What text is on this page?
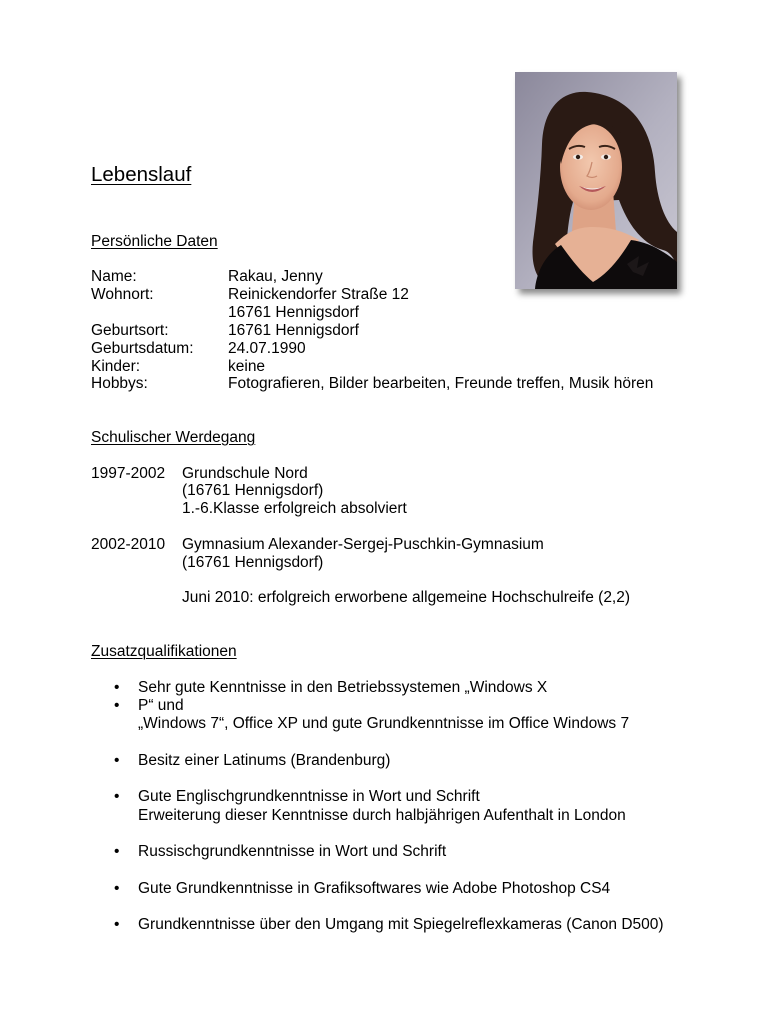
Lebenslauf
Persönliche Daten
Name:	Rakau, Jenny
Wohnort:	Reinickendorfer Straße 12
16761 Hennigsdorf
Geburtsort:	16761 Hennigsdorf
Geburtsdatum: 24.07.1990
Kinder:	keine
Hobbys:	Fotografieren, Bilder bearbeiten, Freunde treffen, Musik hören
Schulischer Werdegang
1997-2002 Grundschule Nord
(16761 Hennigsdorf)
1.-6.Klasse erfolgreich absolviert
2002-2010 Gymnasium Alexander-Sergej-Puschkin-Gymnasium
(16761 Hennigsdorf)
Juni 2010: erfolgreich erworbene allgemeine Hochschulreife (2,2)
Zusatzqualifikationen
• Sehr gute Kenntnisse in den Betriebssystemen „Windows X
• P“ und
„Windows 7“, Office XP und gute Grundkenntnisse im Office Windows 7
• Besitz einer Latinums (Brandenburg)
• Gute Englischgrundkenntnisse in Wort und Schrift
Erweiterung dieser Kenntnisse durch halbjährigen Aufenthalt in London
• Russischgrundkenntnisse in Wort und Schrift
• Gute Grundkenntnisse in Grafiksoftwares wie Adobe Photoshop CS4
• Grundkenntnisse über den Umgang mit Spiegelreflexkameras (Canon D500)
